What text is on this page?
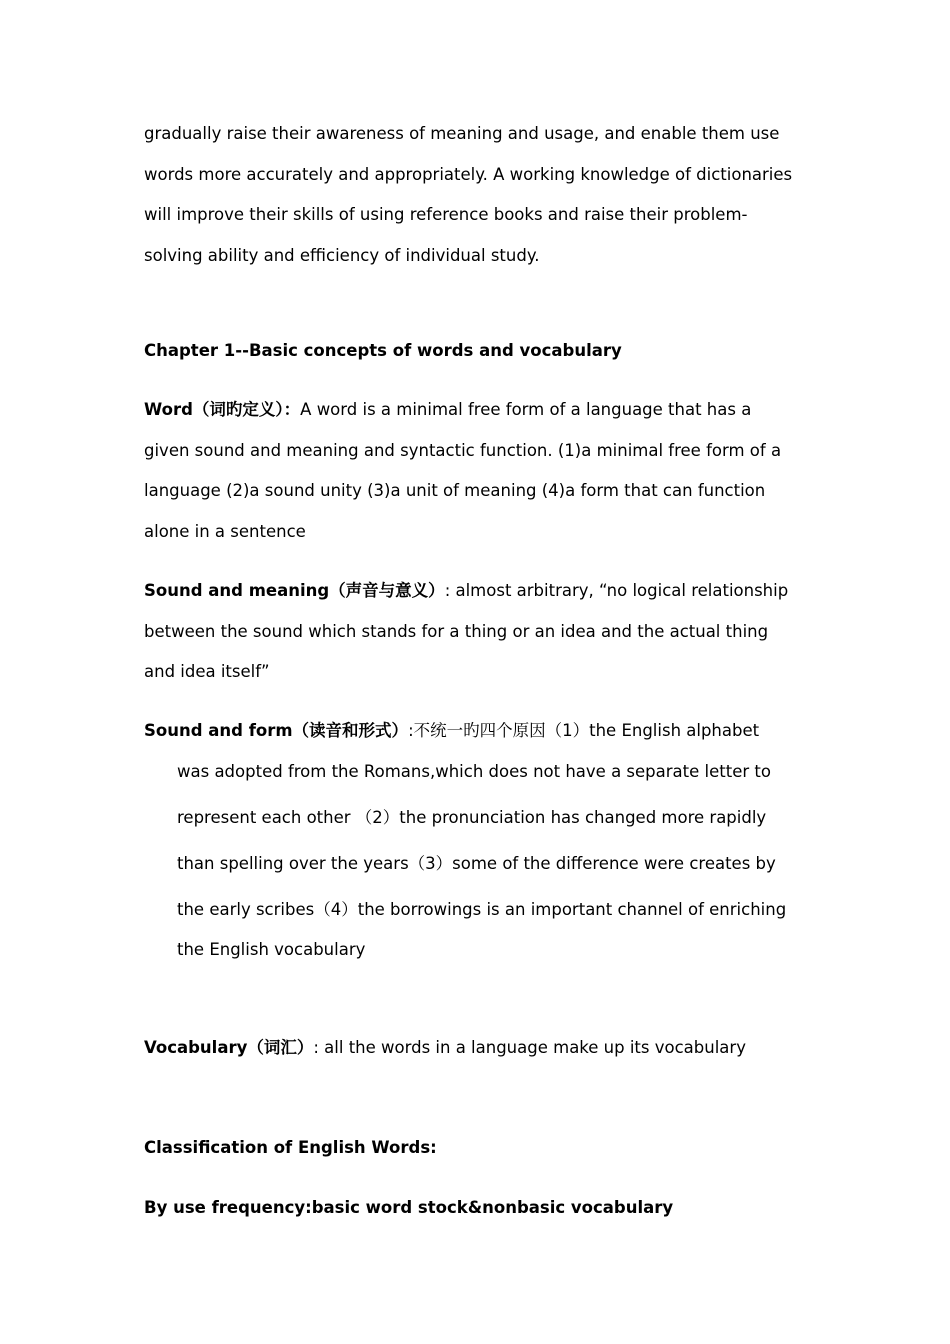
gradually raise their awareness of meaning and usage, and enable them use
words more accurately and appropriately. A working knowledge of dictionaries
will improve their skills of using reference books and raise their problem-
solving ability and efficiency of individual study.
Chapter 1--Basic concepts of words and vocabulary
Word（词旳定义）：A word is a minimal free form of a language that has a
given sound and meaning and syntactic function. (1)a minimal free form of a
language (2)a sound unity (3)a unit of meaning (4)a form that can function
alone in a sentence
Sound and meaning（声音与意义）: almost arbitrary, “no logical relationship
between the sound which stands for a thing or an idea and the actual thing
and idea itself”
Sound and form（读音和形式）:不统一旳四个原因（1）the English alphabet
was adopted from the Romans,which does not have a separate letter to
represent each other （2）the pronunciation has changed more rapidly
than spelling over the years（3）some of the difference were creates by
the early scribes（4）the borrowings is an important channel of enriching
the English vocabulary
Vocabulary（词汇）: all the words in a language make up its vocabulary
Classification of English Words:
By use frequency:basic word stock&nonbasic vocabulary
